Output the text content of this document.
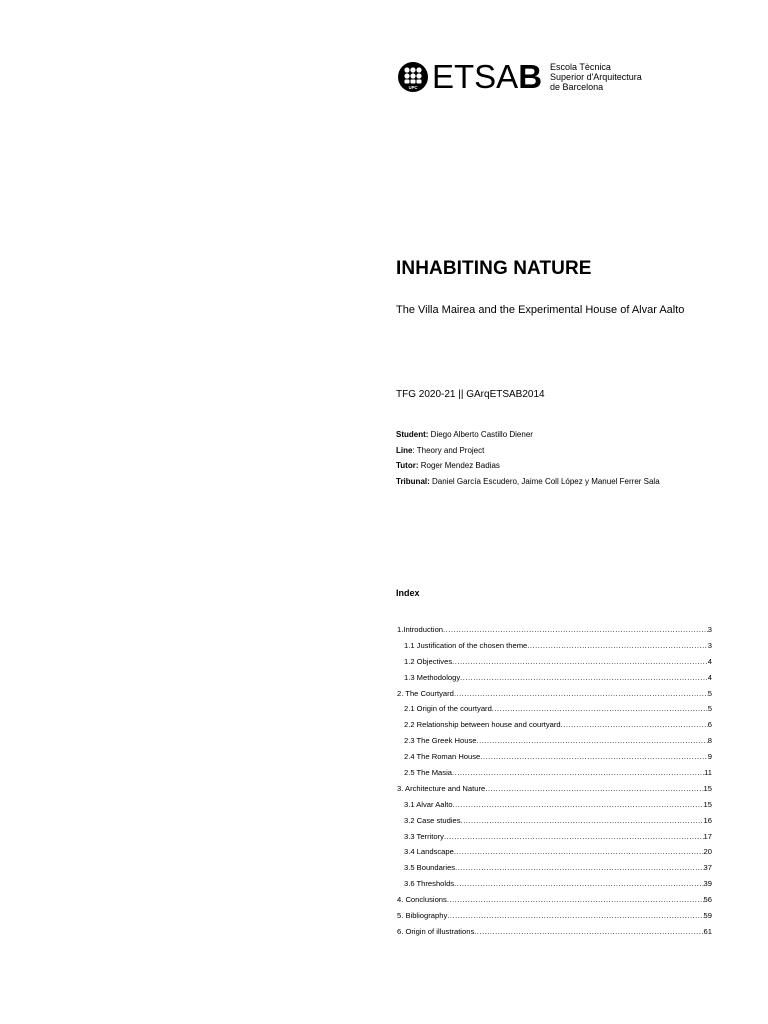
UPC ETSAB Escola Tècnica
Superior d'Arquitectura
de Barcelona
INHABITING NATURE

The Villa Mairea and the Experimental House of Alvar Aalto

TFG 2020-21 || GArqETSAB2014

Student: Diego Alberto Castillo Diener
Line: Theory and Project
Tutor: Roger Mendez Badias
Tribunal: Daniel García Escudero, Jaime Coll López y Manuel Ferrer Sala
Index
1.Introduction .....	3
1.1 Justification of the chosen theme .....	3
1.2 Objectives .....	4
1.3 Methodology .....	4
2. The Courtyard .....	5
2.1 Origin of the courtyard .....	5
2.2 Relationship between house and courtyard .....	6
2.3 The Greek House .....	8
2.4 The Roman House .....	9
2.5 The Masia .....	11
3. Architecture and Nature .....	15
3.1 Alvar Aalto .....	15
3.2 Case studies .....	16
3.3 Territory .....	17
3.4 Landscape .....	20
3.5 Boundaries .....	37
3.6 Thresholds .....	39
4. Conclusions .....	56
5. Bibliography .....	59
6. Origin of illustrations .....	61
